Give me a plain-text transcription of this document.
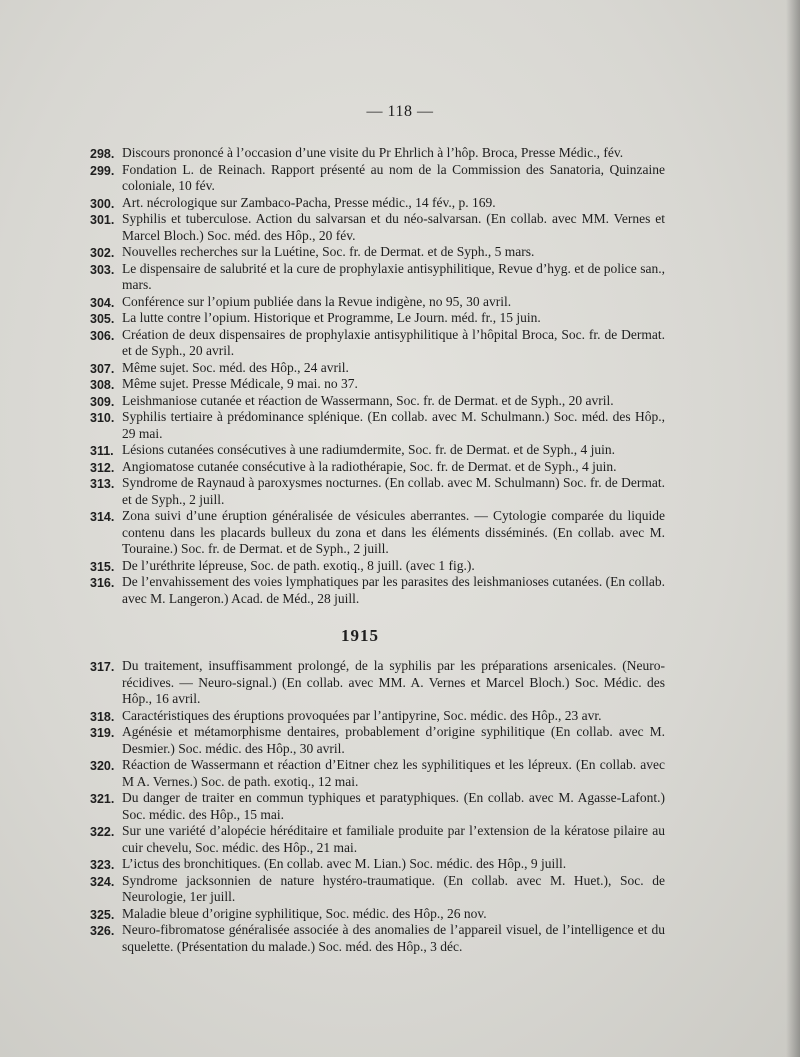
— 118 —
298. Discours prononcé à l’occasion d’une visite du Pr Ehrlich à l’hôp. Broca, Presse Médic., fév.
299. Fondation L. de Reinach. Rapport présenté au nom de la Commission des Sanatoria, Quinzaine coloniale, 10 fév.
300. Art. nécrologique sur Zambaco-Pacha, Presse médic., 14 fév., p. 169.
301. Syphilis et tuberculose. Action du salvarsan et du néo-salvarsan. (En collab. avec MM. Vernes et Marcel Bloch.) Soc. méd. des Hôp., 20 fév.
302. Nouvelles recherches sur la Luétine, Soc. fr. de Dermat. et de Syph., 5 mars.
303. Le dispensaire de salubrité et la cure de prophylaxie antisyphilitique, Revue d’hyg. et de police san., mars.
304. Conférence sur l’opium publiée dans la Revue indigène, no 95, 30 avril.
305. La lutte contre l’opium. Historique et Programme, Le Journ. méd. fr., 15 juin.
306. Création de deux dispensaires de prophylaxie antisyphilitique à l’hôpital Broca, Soc. fr. de Dermat. et de Syph., 20 avril.
307. Même sujet. Soc. méd. des Hôp., 24 avril.
308. Même sujet. Presse Médicale, 9 mai. no 37.
309. Leishmaniose cutanée et réaction de Wassermann, Soc. fr. de Dermat. et de Syph., 20 avril.
310. Syphilis tertiaire à prédominance splénique. (En collab. avec M. Schulmann.) Soc. méd. des Hôp., 29 mai.
311. Lésions cutanées consécutives à une radiumdermite, Soc. fr. de Dermat. et de Syph., 4 juin.
312. Angiomatose cutanée consécutive à la radiothérapie, Soc. fr. de Dermat. et de Syph., 4 juin.
313. Syndrome de Raynaud à paroxysmes nocturnes. (En collab. avec M. Schulmann) Soc. fr. de Dermat. et de Syph., 2 juill.
314. Zona suivi d’une éruption généralisée de vésicules aberrantes. — Cytologie comparée du liquide contenu dans les placards bulleux du zona et dans les éléments disséminés. (En collab. avec M. Touraine.) Soc. fr. de Dermat. et de Syph., 2 juill.
315. De l’uréthrite lépreuse, Soc. de path. exotiq., 8 juill. (avec 1 fig.).
316. De l’envahissement des voies lymphatiques par les parasites des leishmanioses cutanées. (En collab. avec M. Langeron.) Acad. de Méd., 28 juill.
1915
317. Du traitement, insuffisamment prolongé, de la syphilis par les préparations arsenicales. (Neuro-récidives. — Neuro-signal.) (En collab. avec MM. A. Vernes et Marcel Bloch.) Soc. Médic. des Hôp., 16 avril.
318. Caractéristiques des éruptions provoquées par l’antipyrine, Soc. médic. des Hôp., 23 avr.
319. Agénésie et métamorphisme dentaires, probablement d’origine syphilitique (En collab. avec M. Desmier.) Soc. médic. des Hôp., 30 avril.
320. Réaction de Wassermann et réaction d’Eitner chez les syphilitiques et les lépreux. (En collab. avec M A. Vernes.) Soc. de path. exotiq., 12 mai.
321. Du danger de traiter en commun typhiques et paratyphiques. (En collab. avec M. Agasse-Lafont.) Soc. médic. des Hôp., 15 mai.
322. Sur une variété d’alopécie héréditaire et familiale produite par l’extension de la kératose pilaire au cuir chevelu, Soc. médic. des Hôp., 21 mai.
323. L’ictus des bronchitiques. (En collab. avec M. Lian.) Soc. médic. des Hôp., 9 juill.
324. Syndrome jacksonnien de nature hystéro-traumatique. (En collab. avec M. Huet.), Soc. de Neurologie, 1er juill.
325. Maladie bleue d’origine syphilitique, Soc. médic. des Hôp., 26 nov.
326. Neuro-fibromatose généralisée associée à des anomalies de l’appareil visuel, de l’intelligence et du squelette. (Présentation du malade.) Soc. méd. des Hôp., 3 déc.
